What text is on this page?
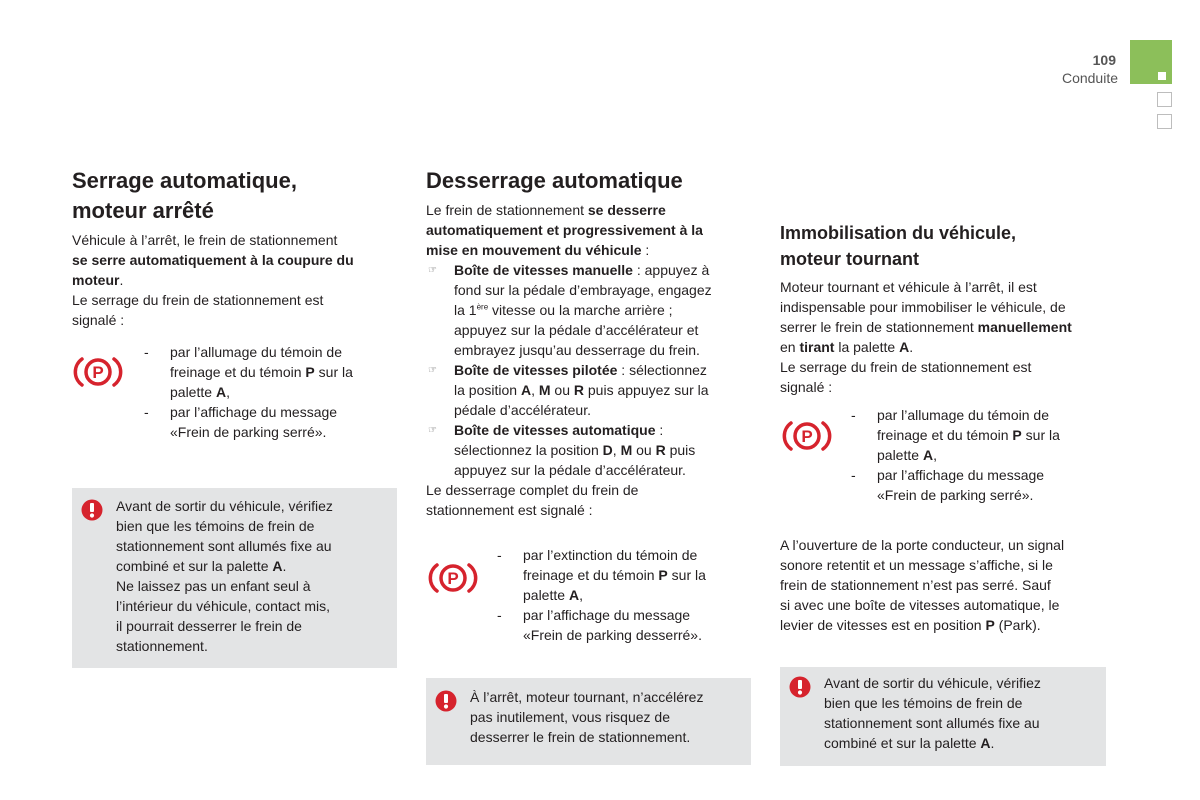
109
Conduite
Serrage automatique,
moteur arrêté

Véhicule à l’arrêt, le frein de stationnement
se serre automatiquement à la coupure du
moteur.
Le serrage du frein de stationnement est
signalé :

P
- par l’allumage du témoin de
freinage et du témoin P sur la
palette A,
- par l’affichage du message
«Frein de parking serré».
Avant de sortir du véhicule, vérifiez
bien que les témoins de frein de
stationnement sont allumés fixe au
combiné et sur la palette A.
Ne laissez pas un enfant seul à
l’intérieur du véhicule, contact mis,
il pourrait desserrer le frein de
stationnement.
Desserrage automatique

Le frein de stationnement se desserre
automatiquement et progressivement à la
mise en mouvement du véhicule :

☞ Boîte de vitesses manuelle : appuyez à
fond sur la pédale d’embrayage, engagez
la 1ère vitesse ou la marche arrière ;
appuyez sur la pédale d’accélérateur et
embrayez jusqu’au desserrage du frein.
☞ Boîte de vitesses pilotée : sélectionnez
la position A, M ou R puis appuyez sur la
pédale d’accélérateur.
☞ Boîte de vitesses automatique :
sélectionnez la position D, M ou R puis
appuyez sur la pédale d’accélérateur.

Le desserrage complet du frein de
stationnement est signalé :

P
- par l’extinction du témoin de
freinage et du témoin P sur la
palette A,
- par l’affichage du message
«Frein de parking desserré».
À l’arrêt, moteur tournant, n’accélérez
pas inutilement, vous risquez de
desserrer le frein de stationnement.
Immobilisation du véhicule,
moteur tournant

Moteur tournant et véhicule à l’arrêt, il est
indispensable pour immobiliser le véhicule, de
serrer le frein de stationnement manuellement
en tirant la palette A.
Le serrage du frein de stationnement est
signalé :

P
- par l’allumage du témoin de
freinage et du témoin P sur la
palette A,
- par l’affichage du message
«Frein de parking serré».

A l’ouverture de la porte conducteur, un signal
sonore retentit et un message s’affiche, si le
frein de stationnement n’est pas serré. Sauf
si avec une boîte de vitesses automatique, le
levier de vitesses est en position P (Park).

Avant de sortir du véhicule, vérifiez
bien que les témoins de frein de
stationnement sont allumés fixe au
combiné et sur la palette A.
